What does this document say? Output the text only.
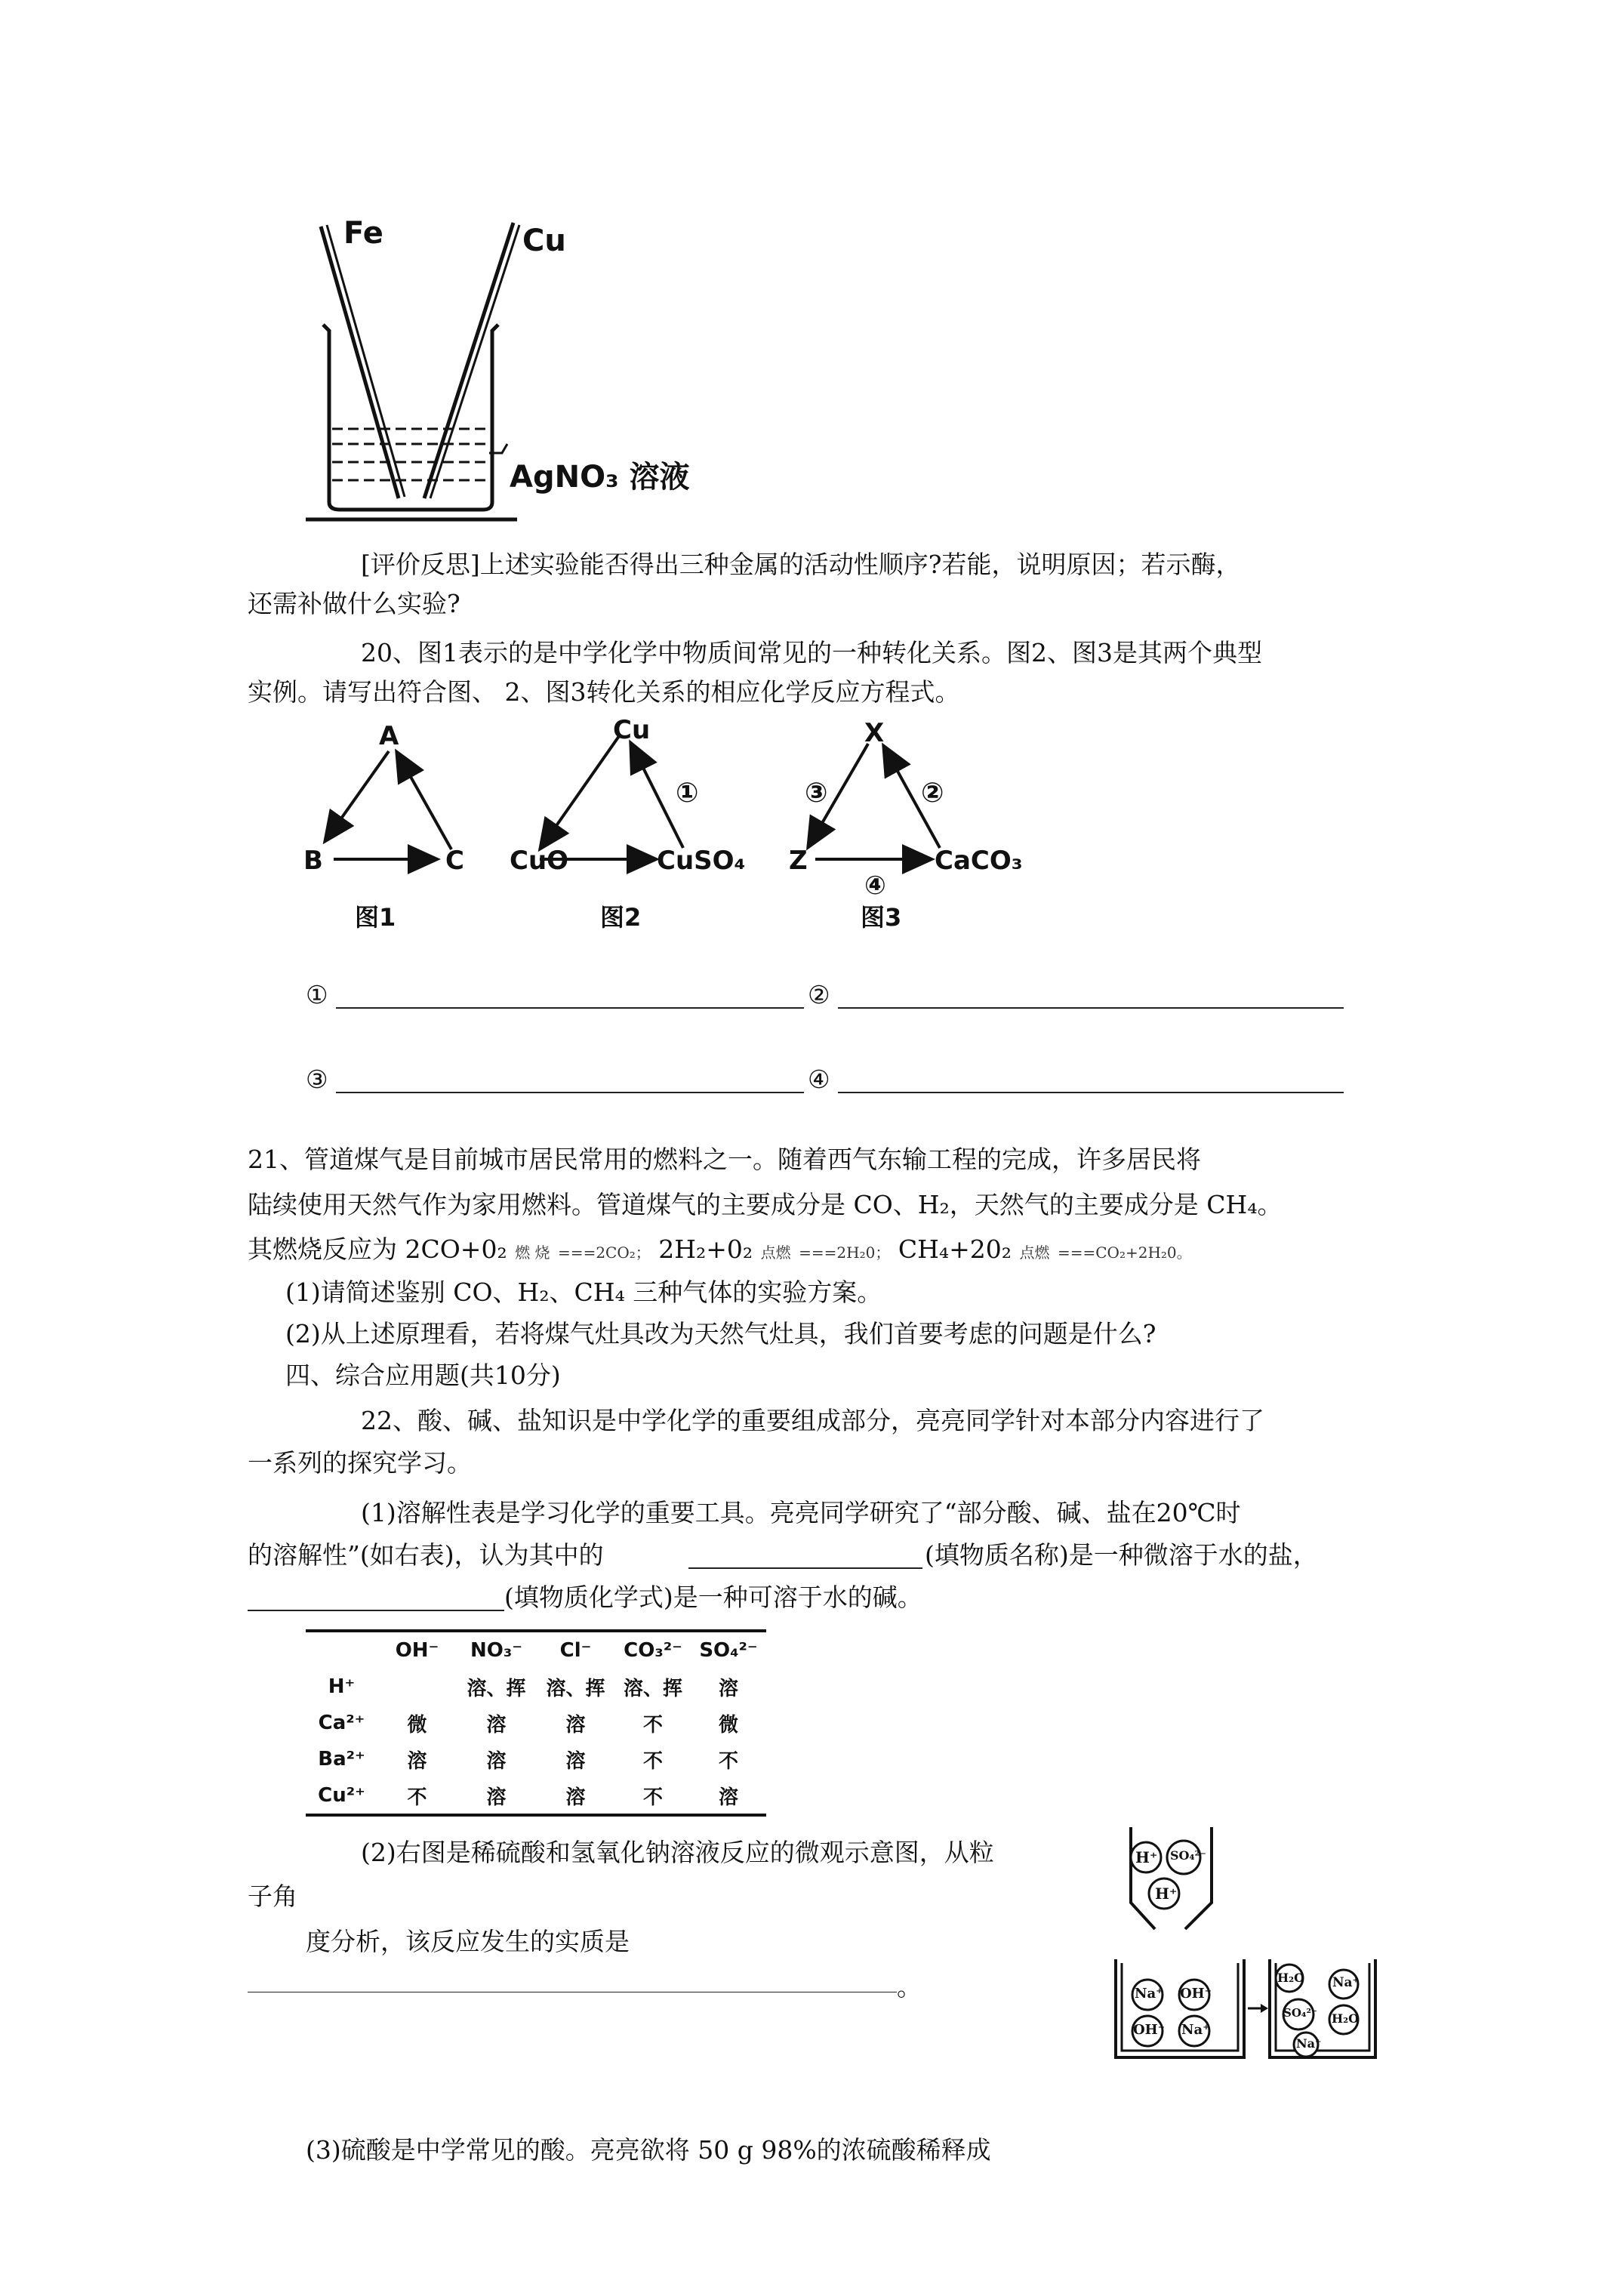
Fe	Cu
AgNO₃ 溶液
[评价反思]上述实验能否得出三种金属的活动性顺序?若能，说明原因；若示酶，
还需补做什么实验?
20、图1表示的是中学化学中物质间常见的一种转化关系。图2、图3是其两个典型
实例。请写出符合图、 2、图3转化关系的相应化学反应方程式。
A
B	C
图1
Cu
CuO	CuSO₄
①
图2
X
Z	CaCO₃
③	②
④
图3
①	②
③	④
21、管道煤气是目前城市居民常用的燃料之一。随着西气东输工程的完成，许多居民将
陆续使用天然气作为家用燃料。管道煤气的主要成分是 CO、H₂，天然气的主要成分是 CH₄。
其燃烧反应为 2CO+0₂ 燃 烧 ===2CO₂； 2H₂+0₂ 点燃 ===2H₂0； CH₄+20₂ 点燃 ===CO₂+2H₂0。
(1)请简述鉴别 CO、H₂、CH₄ 三种气体的实验方案。
(2)从上述原理看，若将煤气灶具改为天然气灶具，我们首要考虑的问题是什么?
四、综合应用题(共10分)
22、酸、碱、盐知识是中学化学的重要组成部分，亮亮同学针对本部分内容进行了
一系列的探究学习。
(1)溶解性表是学习化学的重要工具。亮亮同学研究了“部分酸、碱、盐在20℃时
的溶解性”(如右表)，认为其中的	(填物质名称)是一种微溶于水的盐，
(填物质化学式)是一种可溶于水的碱。
	OH⁻	NO₃⁻	Cl⁻	CO₃²⁻	SO₄²⁻
H⁺		溶、挥	溶、挥	溶、挥	溶
Ca²⁺	微	溶	溶	不	微
Ba²⁺	溶	溶	溶	不	不
Cu²⁺	不	溶	溶	不	溶
(2)右图是稀硫酸和氢氧化钠溶液反应的微观示意图，从粒
子角
度分析，该反应发生的实质是
。
H⁺ SO₄²⁻
H⁺
Na⁺ OH⁻
OH⁻ Na⁺
H₂O Na⁺
SO₄²⁻ H₂O
Na⁺
(3)硫酸是中学常见的酸。亮亮欲将 50 g 98%的浓硫酸稀释成
